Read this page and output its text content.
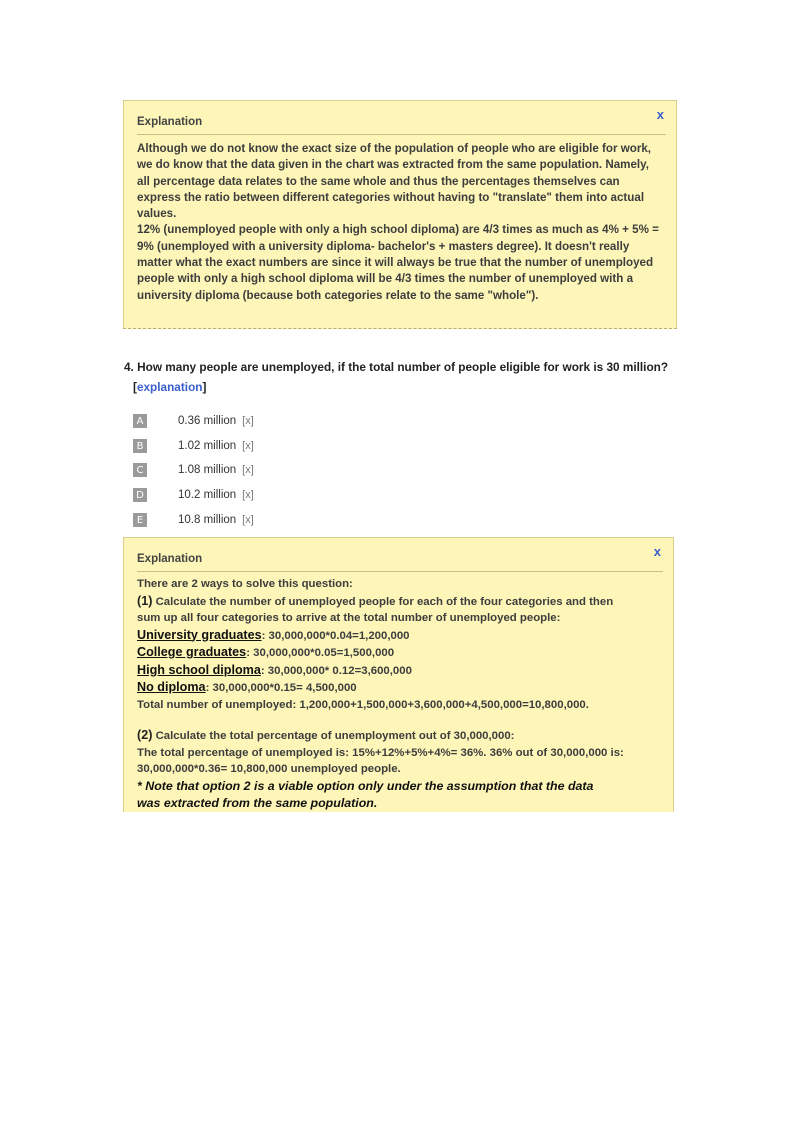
Explanation	x

Although we do not know the exact size of the population of people who are eligible for work, we do know that the data given in the chart was extracted from the same population. Namely, all percentage data relates to the same whole and thus the percentages themselves can express the ratio between different categories without having to "translate" them into actual values.

12% (unemployed people with only a high school diploma) are 4/3 times as much as 4% + 5% = 9% (unemployed with a university diploma- bachelor's + masters degree). It doesn't really matter what the exact numbers are since it will always be true that the number of unemployed people with only a high school diploma will be 4/3 times the number of unemployed with a university diploma (because both categories relate to the same "whole").

4. How many people are unemployed, if the total number of people eligible for work is 30 million?
[explanation]
A	0.36 million [x]
B	1.02 million [x]
C	1.08 million [x]
D	10.2 million [x]
E	10.8 million [x]
Explanation	x
There are 2 ways to solve this question:
(1) Calculate the number of unemployed people for each of the four categories and then
sum up all four categories to arrive at the total number of unemployed people:
University graduates: 30,000,000*0.04=1,200,000
College graduates: 30,000,000*0.05=1,500,000
High school diploma: 30,000,000* 0.12=3,600,000
No diploma: 30,000,000*0.15= 4,500,000
Total number of unemployed: 1,200,000+1,500,000+3,600,000+4,500,000=10,800,000.
(2) Calculate the total percentage of unemployment out of 30,000,000:
The total percentage of unemployed is: 15%+12%+5%+4%= 36%. 36% out of 30,000,000 is:
30,000,000*0.36= 10,800,000 unemployed people.
* Note that option 2 is a viable option only under the assumption that the data
was extracted from the same population.
